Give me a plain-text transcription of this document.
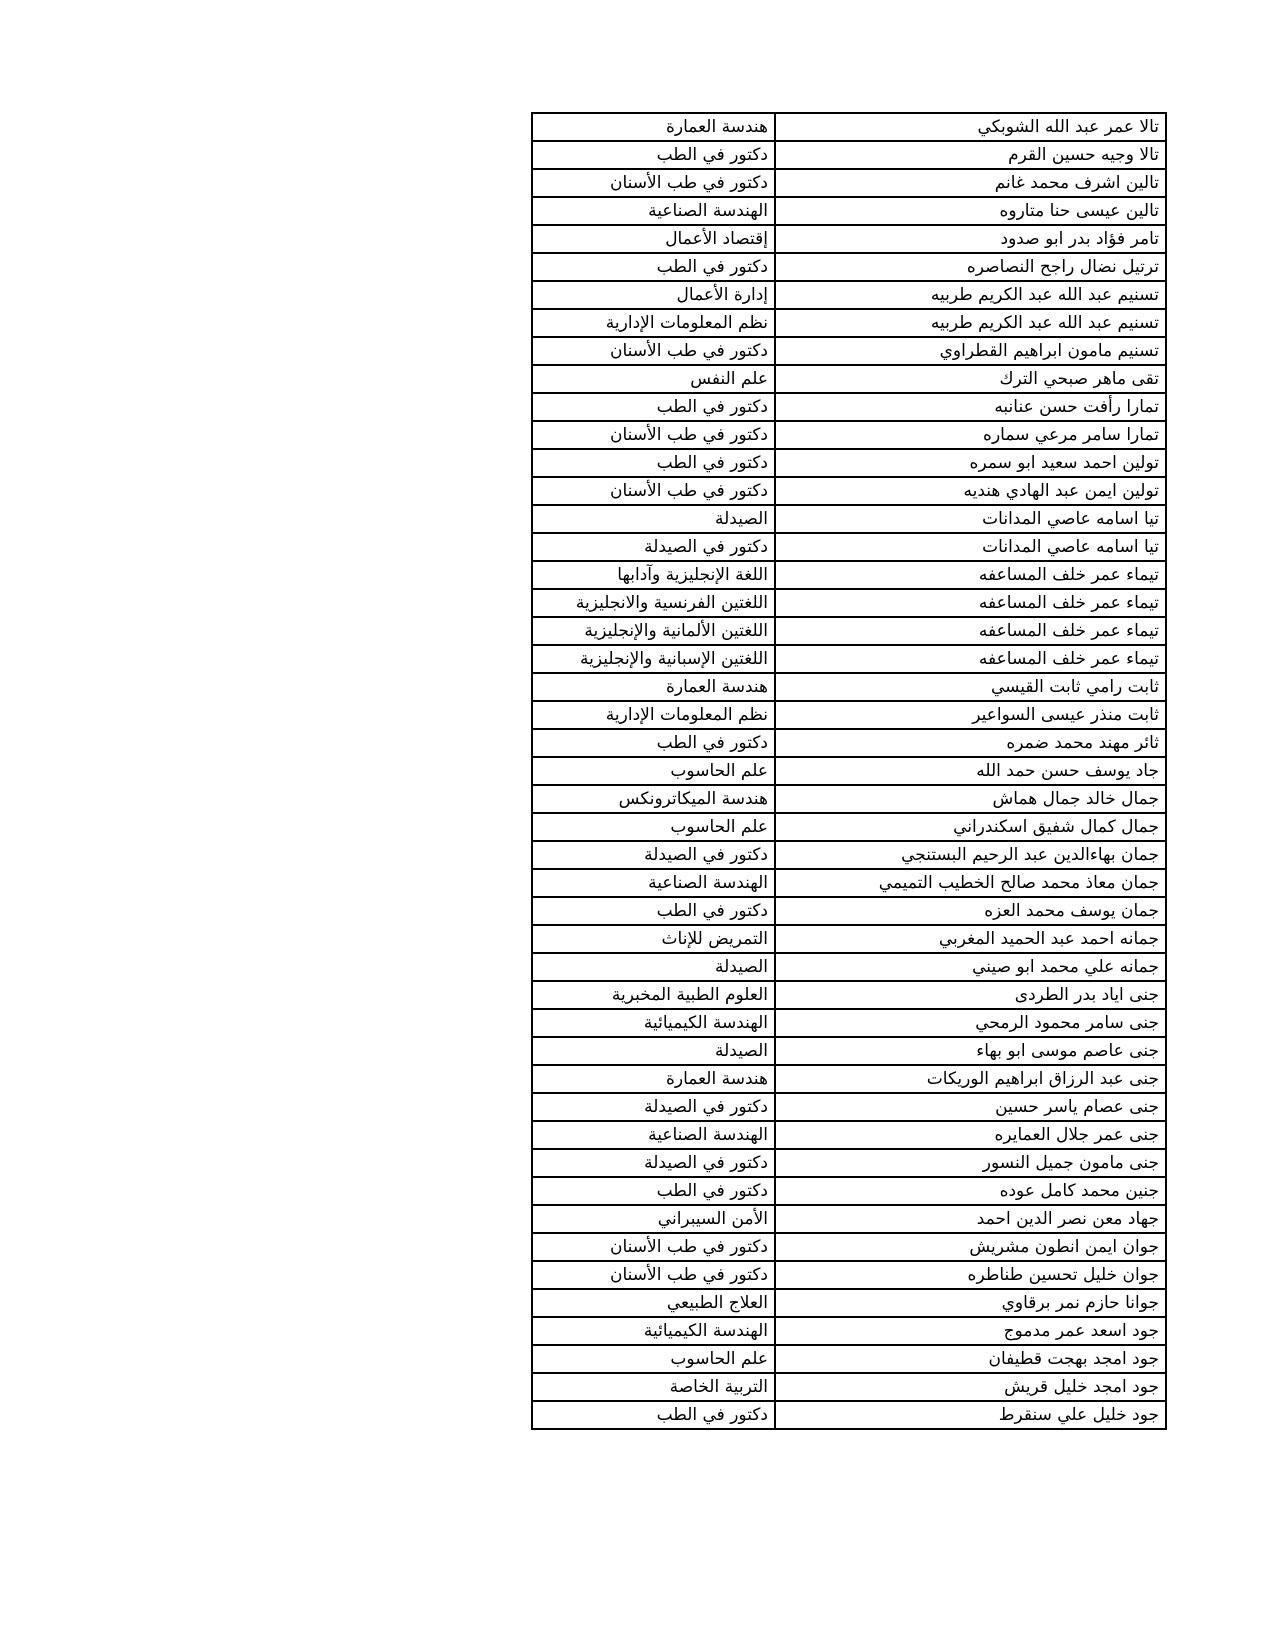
تالا عمر عبد الله الشوبكي	هندسة العمارة
تالا وجيه حسين القرم	دكتور في الطب
تالين اشرف محمد غانم	دكتور في طب الأسنان
تالين عيسى حنا متاروه	الهندسة الصناعية
تامر فؤاد بدر ابو صدود	إقتصاد الأعمال
ترتيل نضال راجح النصاصره	دكتور في الطب
تسنيم عبد الله عبد الكريم طربيه	إدارة الأعمال
تسنيم عبد الله عبد الكريم طربيه	نظم المعلومات الإدارية
تسنيم مامون ابراهيم القطراوي	دكتور في طب الأسنان
تقى ماهر صبحي الترك	علم النفس
تمارا رأفت حسن عنانبه	دكتور في الطب
تمارا سامر مرعي سماره	دكتور في طب الأسنان
تولين احمد سعيد ابو سمره	دكتور في الطب
تولين ايمن عبد الهادي هنديه	دكتور في طب الأسنان
تيا اسامه عاصي المدانات	الصيدلة
تيا اسامه عاصي المدانات	دكتور في الصيدلة
تيماء عمر خلف المساعفه	اللغة الإنجليزية وآدابها
تيماء عمر خلف المساعفه	اللغتين الفرنسية والانجليزية
تيماء عمر خلف المساعفه	اللغتين الألمانية والإنجليزية
تيماء عمر خلف المساعفه	اللغتين الإسبانية والإنجليزية
ثابت رامي ثابت القيسي	هندسة العمارة
ثابت منذر عيسى السواعير	نظم المعلومات الإدارية
ثائر مهند محمد ضمره	دكتور في الطب
جاد يوسف حسن حمد الله	علم الحاسوب
جمال خالد جمال هماش	هندسة الميكاترونكس
جمال كمال شفيق اسكندراني	علم الحاسوب
جمان بهاءالدين عبد الرحيم البستنجي	دكتور في الصيدلة
جمان معاذ محمد صالح الخطيب التميمي	الهندسة الصناعية
جمان يوسف محمد العزه	دكتور في الطب
جمانه احمد عبد الحميد المغربي	التمريض للإناث
جمانه علي محمد ابو صيني	الصيدلة
جنى اياد بدر الطردى	العلوم الطبية المخبرية
جنى سامر محمود الرمحي	الهندسة الكيميائية
جنى عاصم موسى ابو بهاء	الصيدلة
جنى عبد الرزاق ابراهيم الوريكات	هندسة العمارة
جنى عصام ياسر حسين	دكتور في الصيدلة
جنى عمر جلال العمايره	الهندسة الصناعية
جنى مامون جميل النسور	دكتور في الصيدلة
جنين محمد كامل عوده	دكتور في الطب
جهاد معن نصر الدين احمد	الأمن السيبراني
جوان ايمن انطون مشريش	دكتور في طب الأسنان
جوان خليل تحسين طناطره	دكتور في طب الأسنان
جوانا حازم نمر برقاوي	العلاج الطبيعي
جود اسعد عمر مدموج	الهندسة الكيميائية
جود امجد بهجت قطيفان	علم الحاسوب
جود امجد خليل قريش	التربية الخاصة
جود خليل علي سنقرط	دكتور في الطب
